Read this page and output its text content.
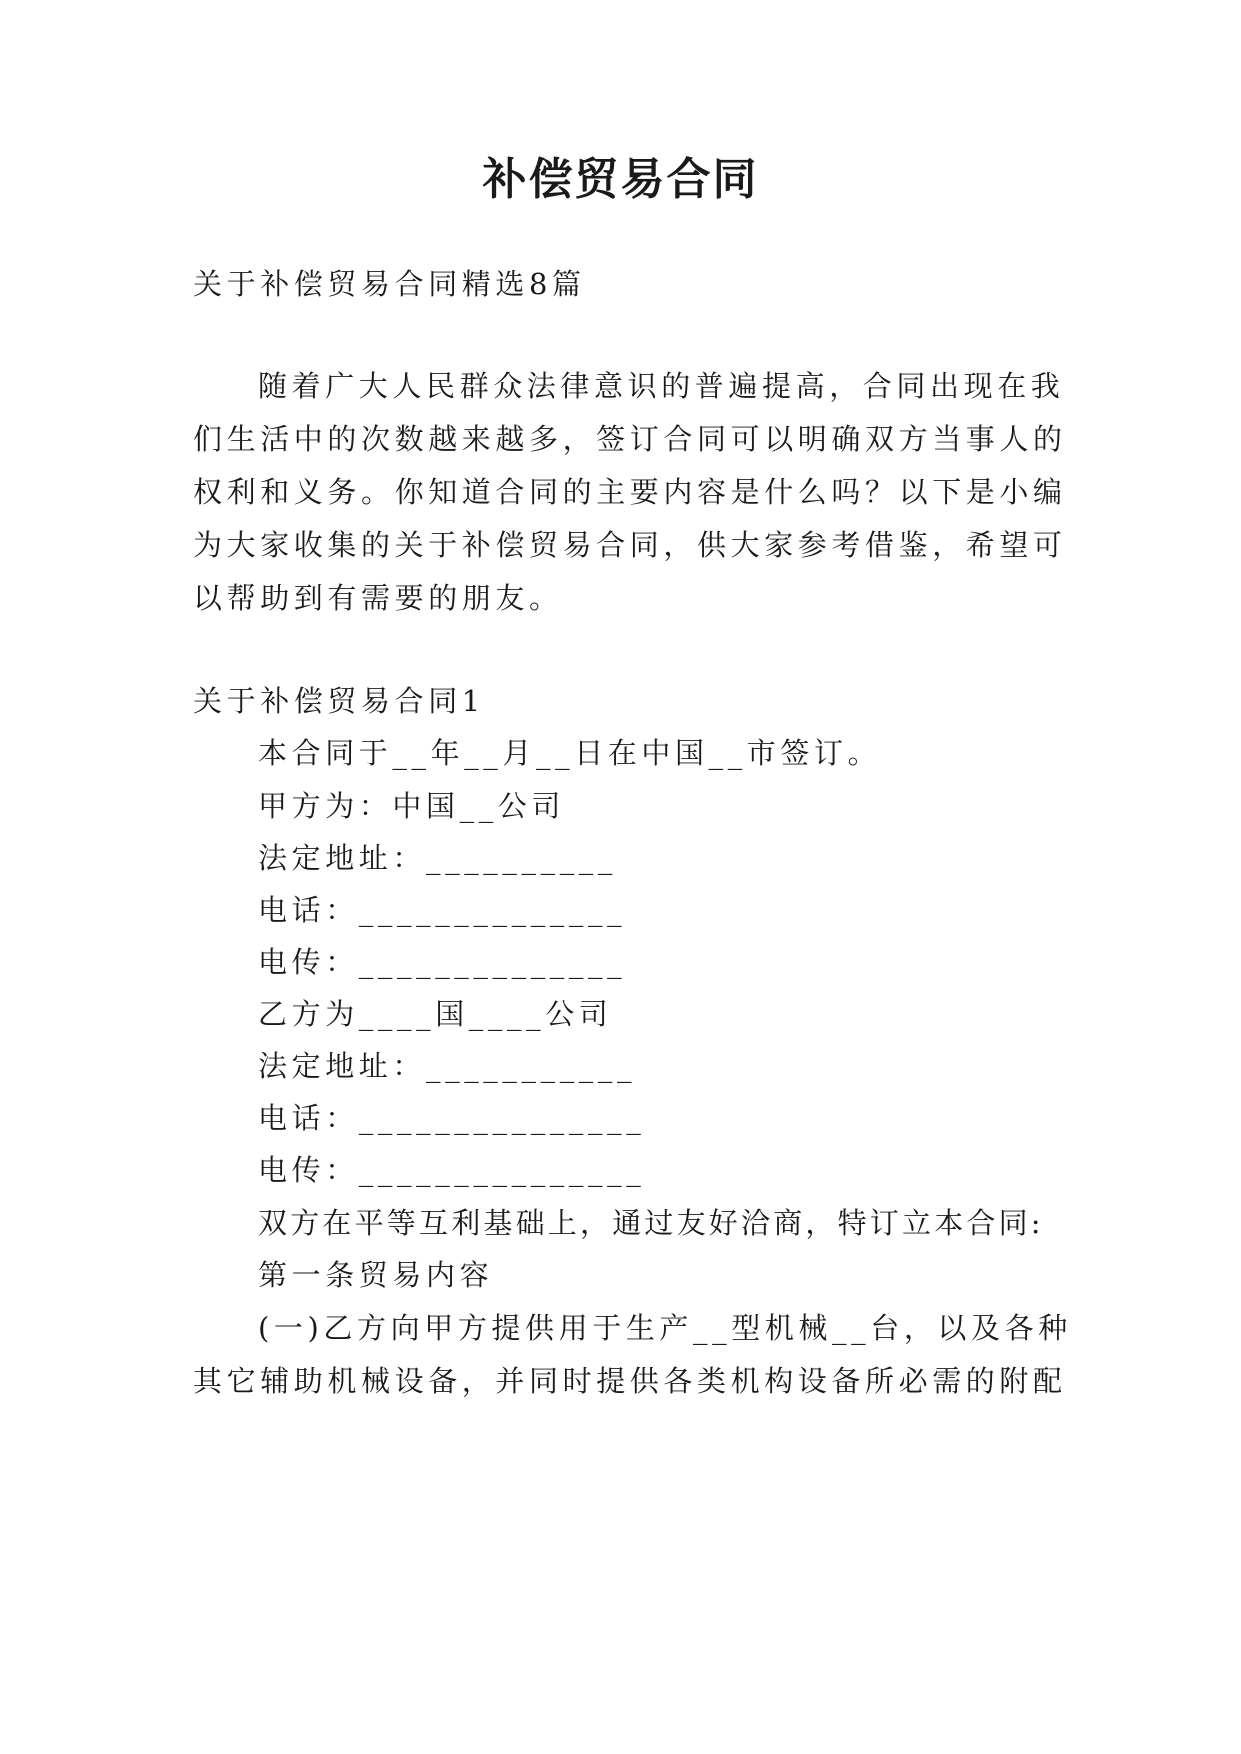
补偿贸易合同
关于补偿贸易合同精选8篇
随着广大人民群众法律意识的普遍提高，合同出现在我
们生活中的次数越来越多，签订合同可以明确双方当事人的
权利和义务。你知道合同的主要内容是什么吗？以下是小编
为大家收集的关于补偿贸易合同，供大家参考借鉴，希望可
以帮助到有需要的朋友。
关于补偿贸易合同1
本合同于__年__月__日在中国__市签订。
甲方为：中国__公司
法定地址：__________
电话：______________
电传：______________
乙方为____国____公司
法定地址：___________
电话：_______________
电传：_______________
双方在平等互利基础上，通过友好洽商，特订立本合同:
第一条贸易内容
(一)乙方向甲方提供用于生产__型机械__台，以及各种
其它辅助机械设备，并同时提供各类机构设备所必需的附配
